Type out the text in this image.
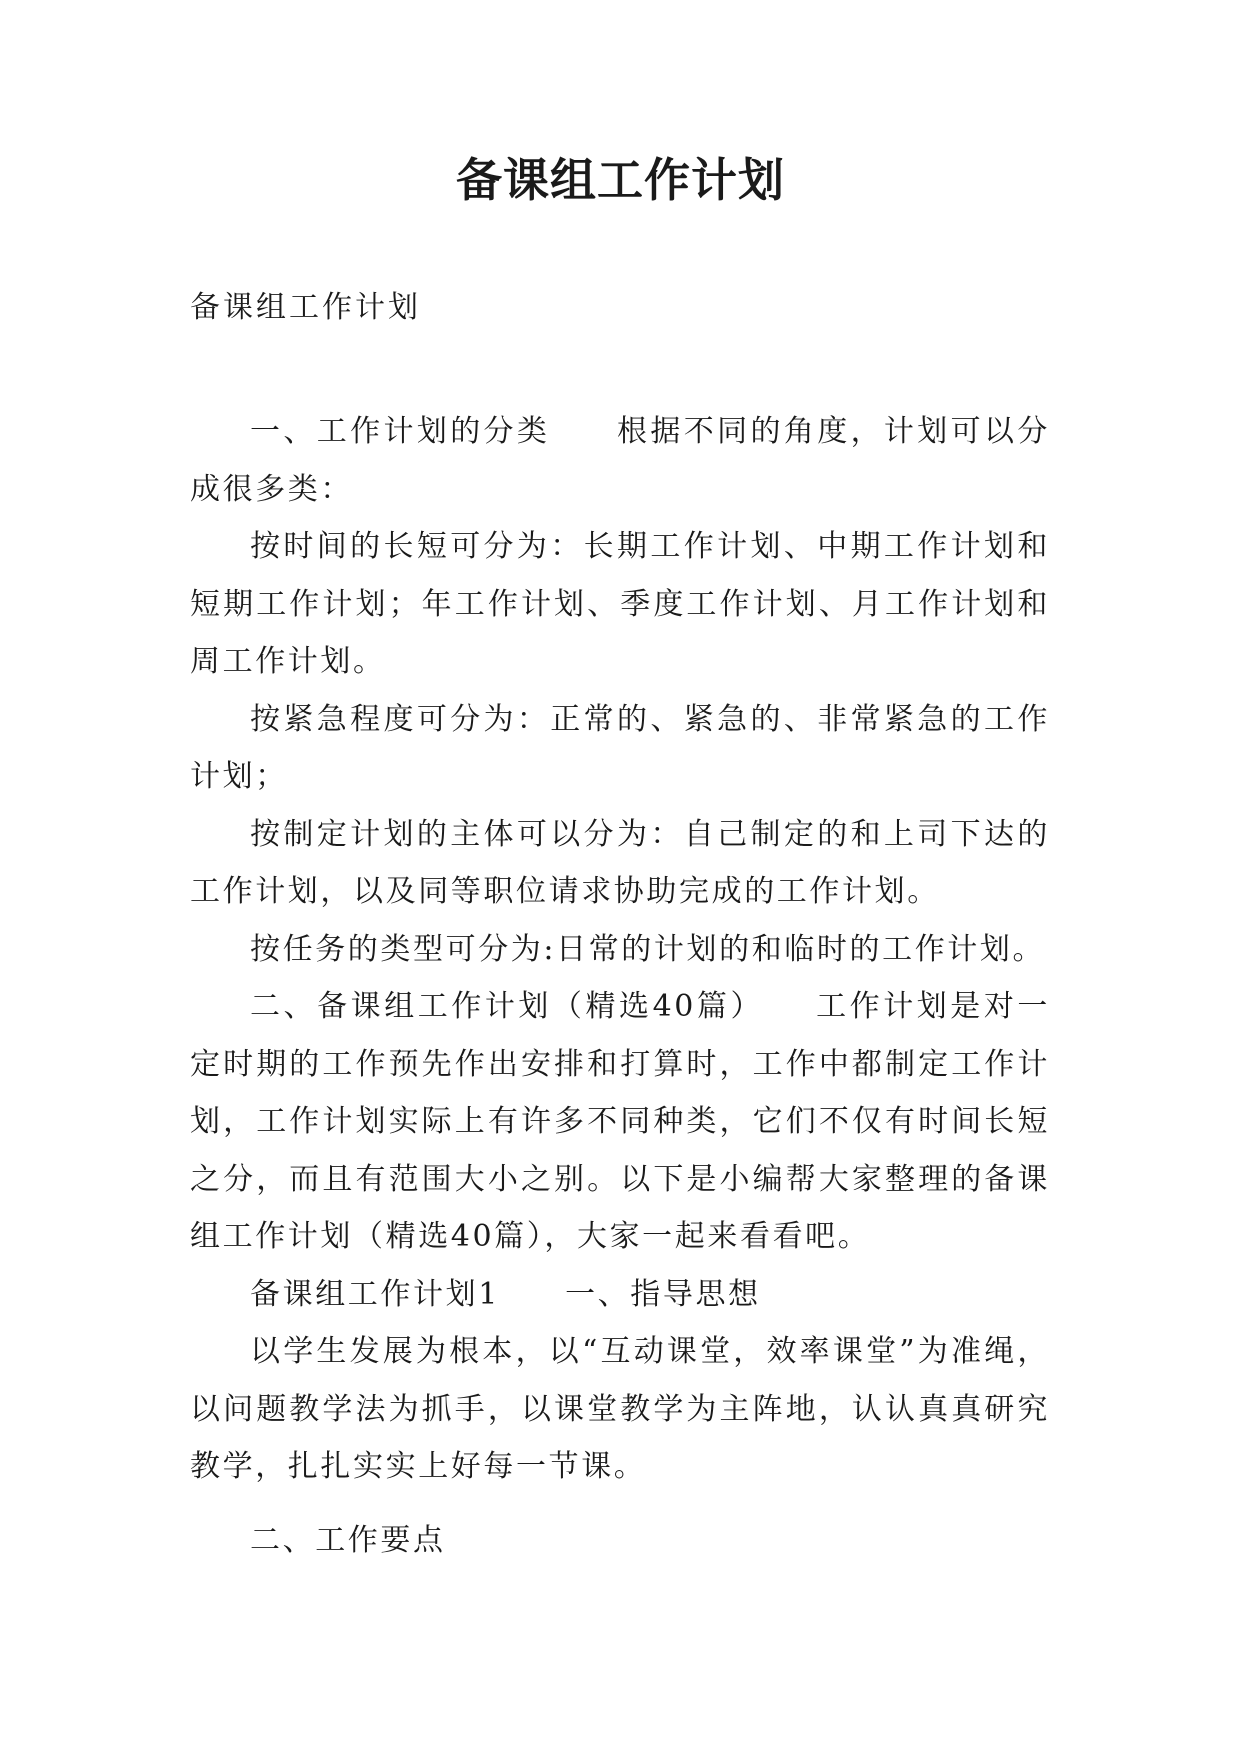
备课组工作计划
备课组工作计划

一、工作计划的分类　　根据不同的角度，计划可以分成很多类：

按时间的长短可分为：长期工作计划、中期工作计划和短期工作计划；年工作计划、季度工作计划、月工作计划和周工作计划。

按紧急程度可分为：正常的、紧急的、非常紧急的工作计划；

按制定计划的主体可以分为：自己制定的和上司下达的工作计划，以及同等职位请求协助完成的工作计划。

按任务的类型可分为:日常的计划的和临时的工作计划。

二、备课组工作计划（精选40篇）　　工作计划是对一定时期的工作预先作出安排和打算时，工作中都制定工作计划，工作计划实际上有许多不同种类，它们不仅有时间长短之分，而且有范围大小之别。以下是小编帮大家整理的备课组工作计划（精选40篇），大家一起来看看吧。

备课组工作计划1　　一、指导思想

以学生发展为根本，以“互动课堂，效率课堂”为准绳，以问题教学法为抓手，以课堂教学为主阵地，认认真真研究教学，扎扎实实上好每一节课。

二、工作要点
